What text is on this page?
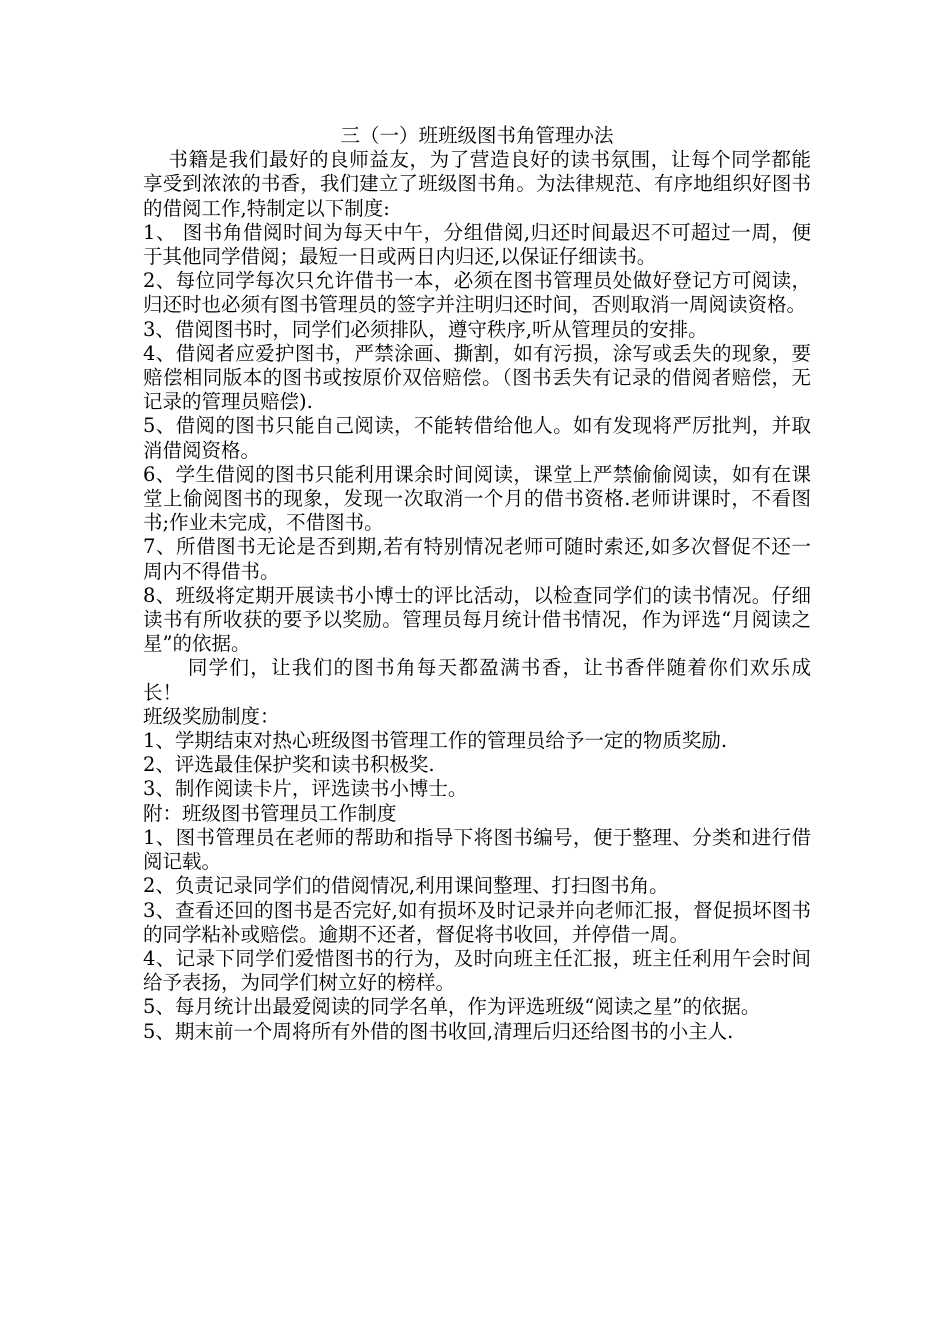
三（一）班班级图书角管理办法

书籍是我们最好的良师益友，为了营造良好的读书氛围，让每个同学都能享受到浓浓的书香，我们建立了班级图书角。为法律规范、有序地组织好图书的借阅工作,特制定以下制度:

1、 图书角借阅时间为每天中午，分组借阅,归还时间最迟不可超过一周，便于其他同学借阅；最短一日或两日内归还,以保证仔细读书。

2、每位同学每次只允许借书一本，必须在图书管理员处做好登记方可阅读，归还时也必须有图书管理员的签字并注明归还时间，否则取消一周阅读资格。

3、借阅图书时，同学们必须排队，遵守秩序,听从管理员的安排。

4、借阅者应爱护图书，严禁涂画、撕割，如有污损，涂写或丢失的现象，要赔偿相同版本的图书或按原价双倍赔偿。（图书丢失有记录的借阅者赔偿，无记录的管理员赔偿).

5、借阅的图书只能自己阅读，不能转借给他人。如有发现将严厉批判，并取消借阅资格。

6、学生借阅的图书只能利用课余时间阅读，课堂上严禁偷偷阅读，如有在课堂上偷阅图书的现象，发现一次取消一个月的借书资格.老师讲课时，不看图书;作业未完成，不借图书。

7、所借图书无论是否到期,若有特别情况老师可随时索还,如多次督促不还一周内不得借书。

8、班级将定期开展读书小博士的评比活动，以检查同学们的读书情况。仔细读书有所收获的要予以奖励。管理员每月统计借书情况，作为评选“月阅读之星”的依据。

同学们，让我们的图书角每天都盈满书香，让书香伴随着你们欢乐成长！

班级奖励制度：

1、学期结束对热心班级图书管理工作的管理员给予一定的物质奖励.

2、评选最佳保护奖和读书积极奖.

3、制作阅读卡片，评选读书小博士。

附：班级图书管理员工作制度

1、图书管理员在老师的帮助和指导下将图书编号，便于整理、分类和进行借阅记载。

2、负责记录同学们的借阅情况,利用课间整理、打扫图书角。

3、查看还回的图书是否完好,如有损坏及时记录并向老师汇报，督促损坏图书的同学粘补或赔偿。逾期不还者，督促将书收回，并停借一周。

4、记录下同学们爱惜图书的行为，及时向班主任汇报，班主任利用午会时间给予表扬，为同学们树立好的榜样。

5、每月统计出最爱阅读的同学名单，作为评选班级“阅读之星”的依据。

5、期末前一个周将所有外借的图书收回,清理后归还给图书的小主人.
